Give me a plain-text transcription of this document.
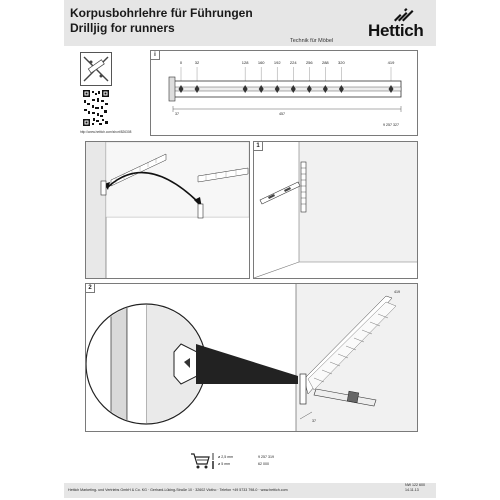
Korpusbohrlehre für Führungen
Drilljig for runners
Technik für Möbel
Hettich
http://www.hettich.com/short/826308
i
0	32	128 160 192 224 256 288 320	419
37	457
9 257 327
1
2
419
37
ø 2,5 mm	9 257 319
ø 5 mm	62 000
Hettich Marketing- und Vertriebs GmbH & Co. KG · Gerhard-Lüking-Straße 10 · 32602 Vlotho · Telefon +49 5733 798-0 · www.hettich.com
NW 122 600
14.11.13
